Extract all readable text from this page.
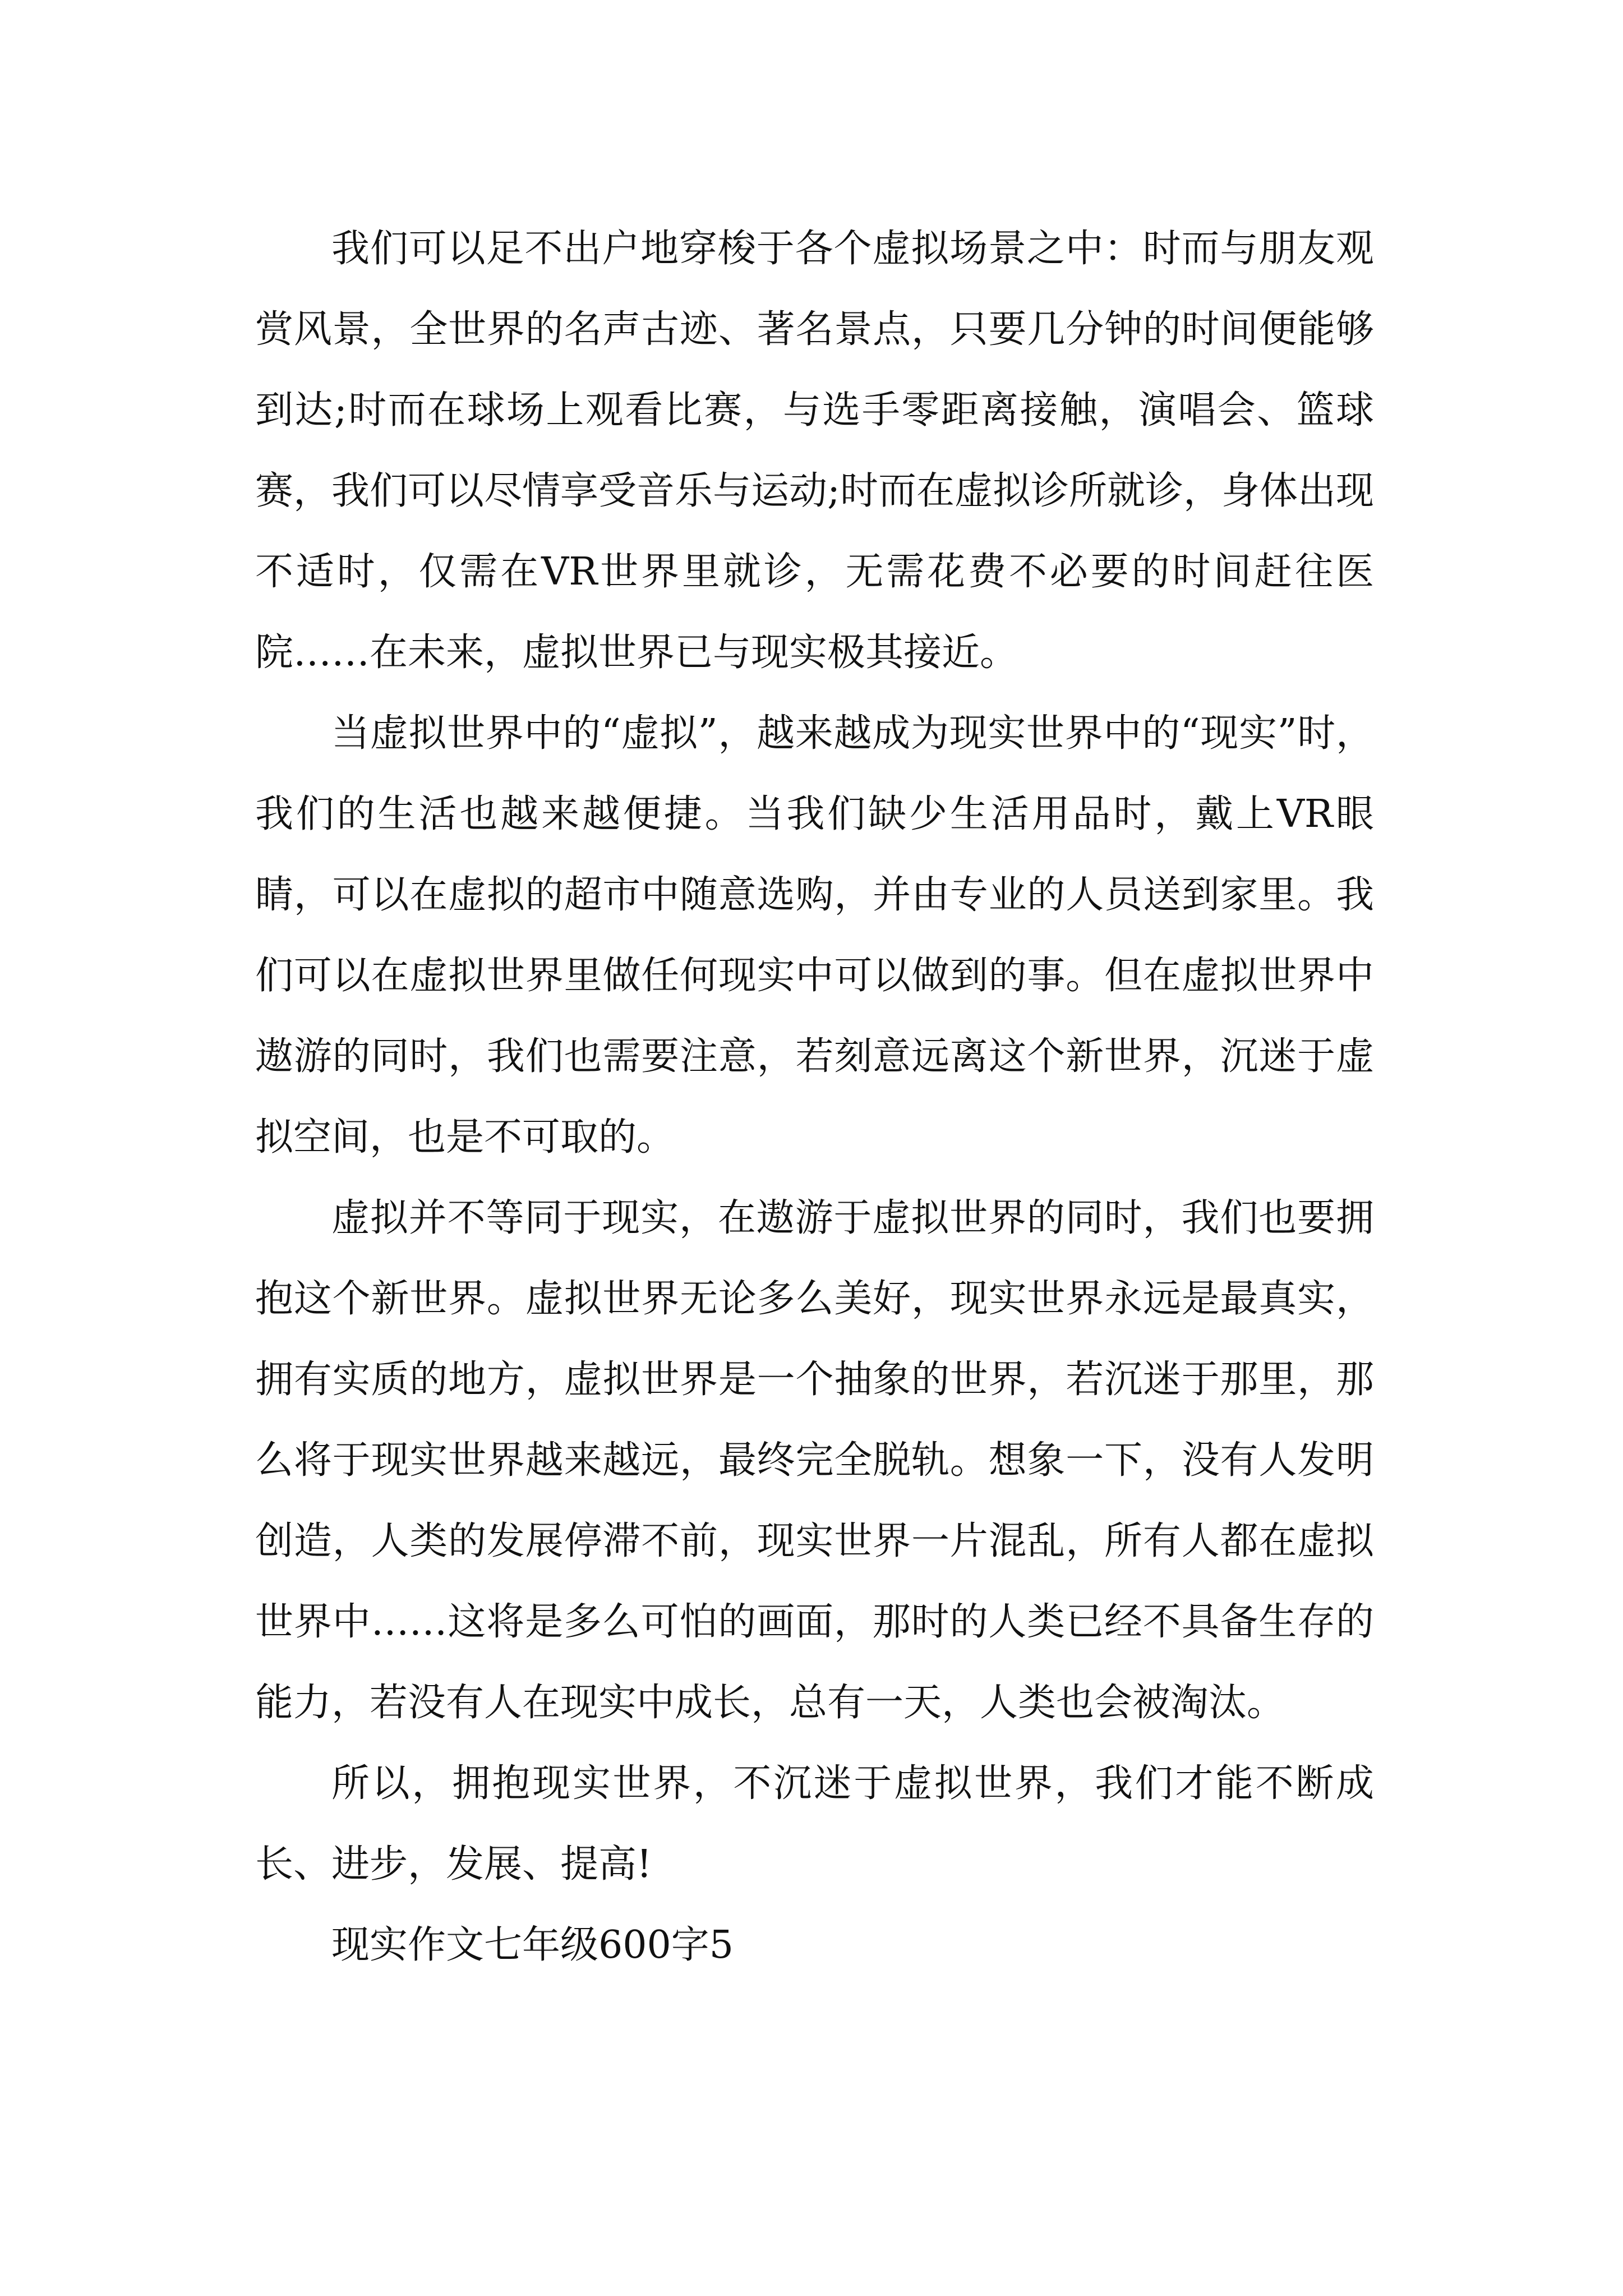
我们可以足不出户地穿梭于各个虚拟场景之中：时而与朋友观赏风景，全世界的名声古迹、著名景点，只要几分钟的时间便能够到达;时而在球场上观看比赛，与选手零距离接触，演唱会、篮球赛，我们可以尽情享受音乐与运动;时而在虚拟诊所就诊，身体出现不适时，仅需在VR世界里就诊，无需花费不必要的时间赶往医院……在未来，虚拟世界已与现实极其接近。

当虚拟世界中的“虚拟”，越来越成为现实世界中的“现实”时，我们的生活也越来越便捷。当我们缺少生活用品时，戴上VR眼睛，可以在虚拟的超市中随意选购，并由专业的人员送到家里。我们可以在虚拟世界里做任何现实中可以做到的事。但在虚拟世界中遨游的同时，我们也需要注意，若刻意远离这个新世界，沉迷于虚拟空间，也是不可取的。

虚拟并不等同于现实，在遨游于虚拟世界的同时，我们也要拥抱这个新世界。虚拟世界无论多么美好，现实世界永远是最真实，拥有实质的地方，虚拟世界是一个抽象的世界，若沉迷于那里，那么将于现实世界越来越远，最终完全脱轨。想象一下，没有人发明创造，人类的发展停滞不前，现实世界一片混乱，所有人都在虚拟世界中……这将是多么可怕的画面，那时的人类已经不具备生存的能力，若没有人在现实中成长，总有一天，人类也会被淘汰。

所以，拥抱现实世界，不沉迷于虚拟世界，我们才能不断成长、进步，发展、提高!

现实作文七年级600字5
